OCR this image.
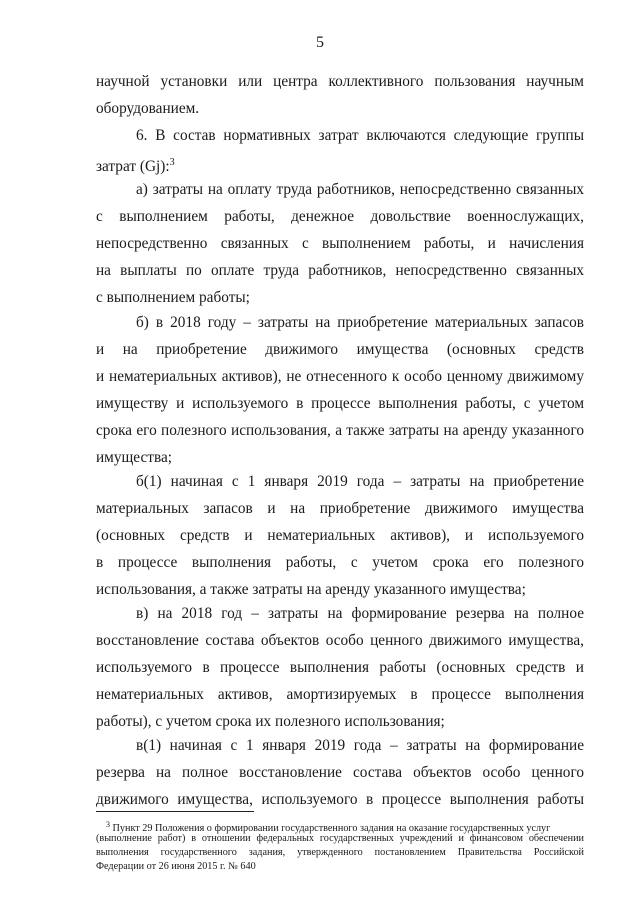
5
научной установки или центра коллективного пользования научным
оборудованием.
6. В состав нормативных затрат включаются следующие группы
затрат (Gj):$^3$
а) затраты на оплату труда работников, непосредственно связанных
с выполнением работы, денежное довольствие военнослужащих,
непосредственно связанных с выполнением работы, и начисления
на выплаты по оплате труда работников, непосредственно связанных
с выполнением работы;
б) в 2018 году – затраты на приобретение материальных запасов
и на приобретение движимого имущества (основных средств
и нематериальных активов), не отнесенного к особо ценному движимому
имуществу и используемого в процессе выполнения работы, с учетом
срока его полезного использования, а также затраты на аренду указанного
имущества;
б(1) начиная с 1 января 2019 года – затраты на приобретение
материальных запасов и на приобретение движимого имущества
(основных средств и нематериальных активов), и используемого
в процессе выполнения работы, с учетом срока его полезного
использования, а также затраты на аренду указанного имущества;
в) на 2018 год – затраты на формирование резерва на полное
восстановление состава объектов особо ценного движимого имущества,
используемого в процессе выполнения работы (основных средств и
нематериальных активов, амортизируемых в процессе выполнения
работы), с учетом срока их полезного использования;
в(1) начиная с 1 января 2019 года – затраты на формирование
резерва на полное восстановление состава объектов особо ценного
движимого имущества, используемого в процессе выполнения работы
$^3$ Пункт 29 Положения о формировании государственного задания на оказание государственных услуг
(выполнение работ) в отношении федеральных государственных учреждений и финансовом обеспечении
выполнения государственного задания, утвержденного постановлением Правительства Российской
Федерации от 26 июня 2015 г. № 640
